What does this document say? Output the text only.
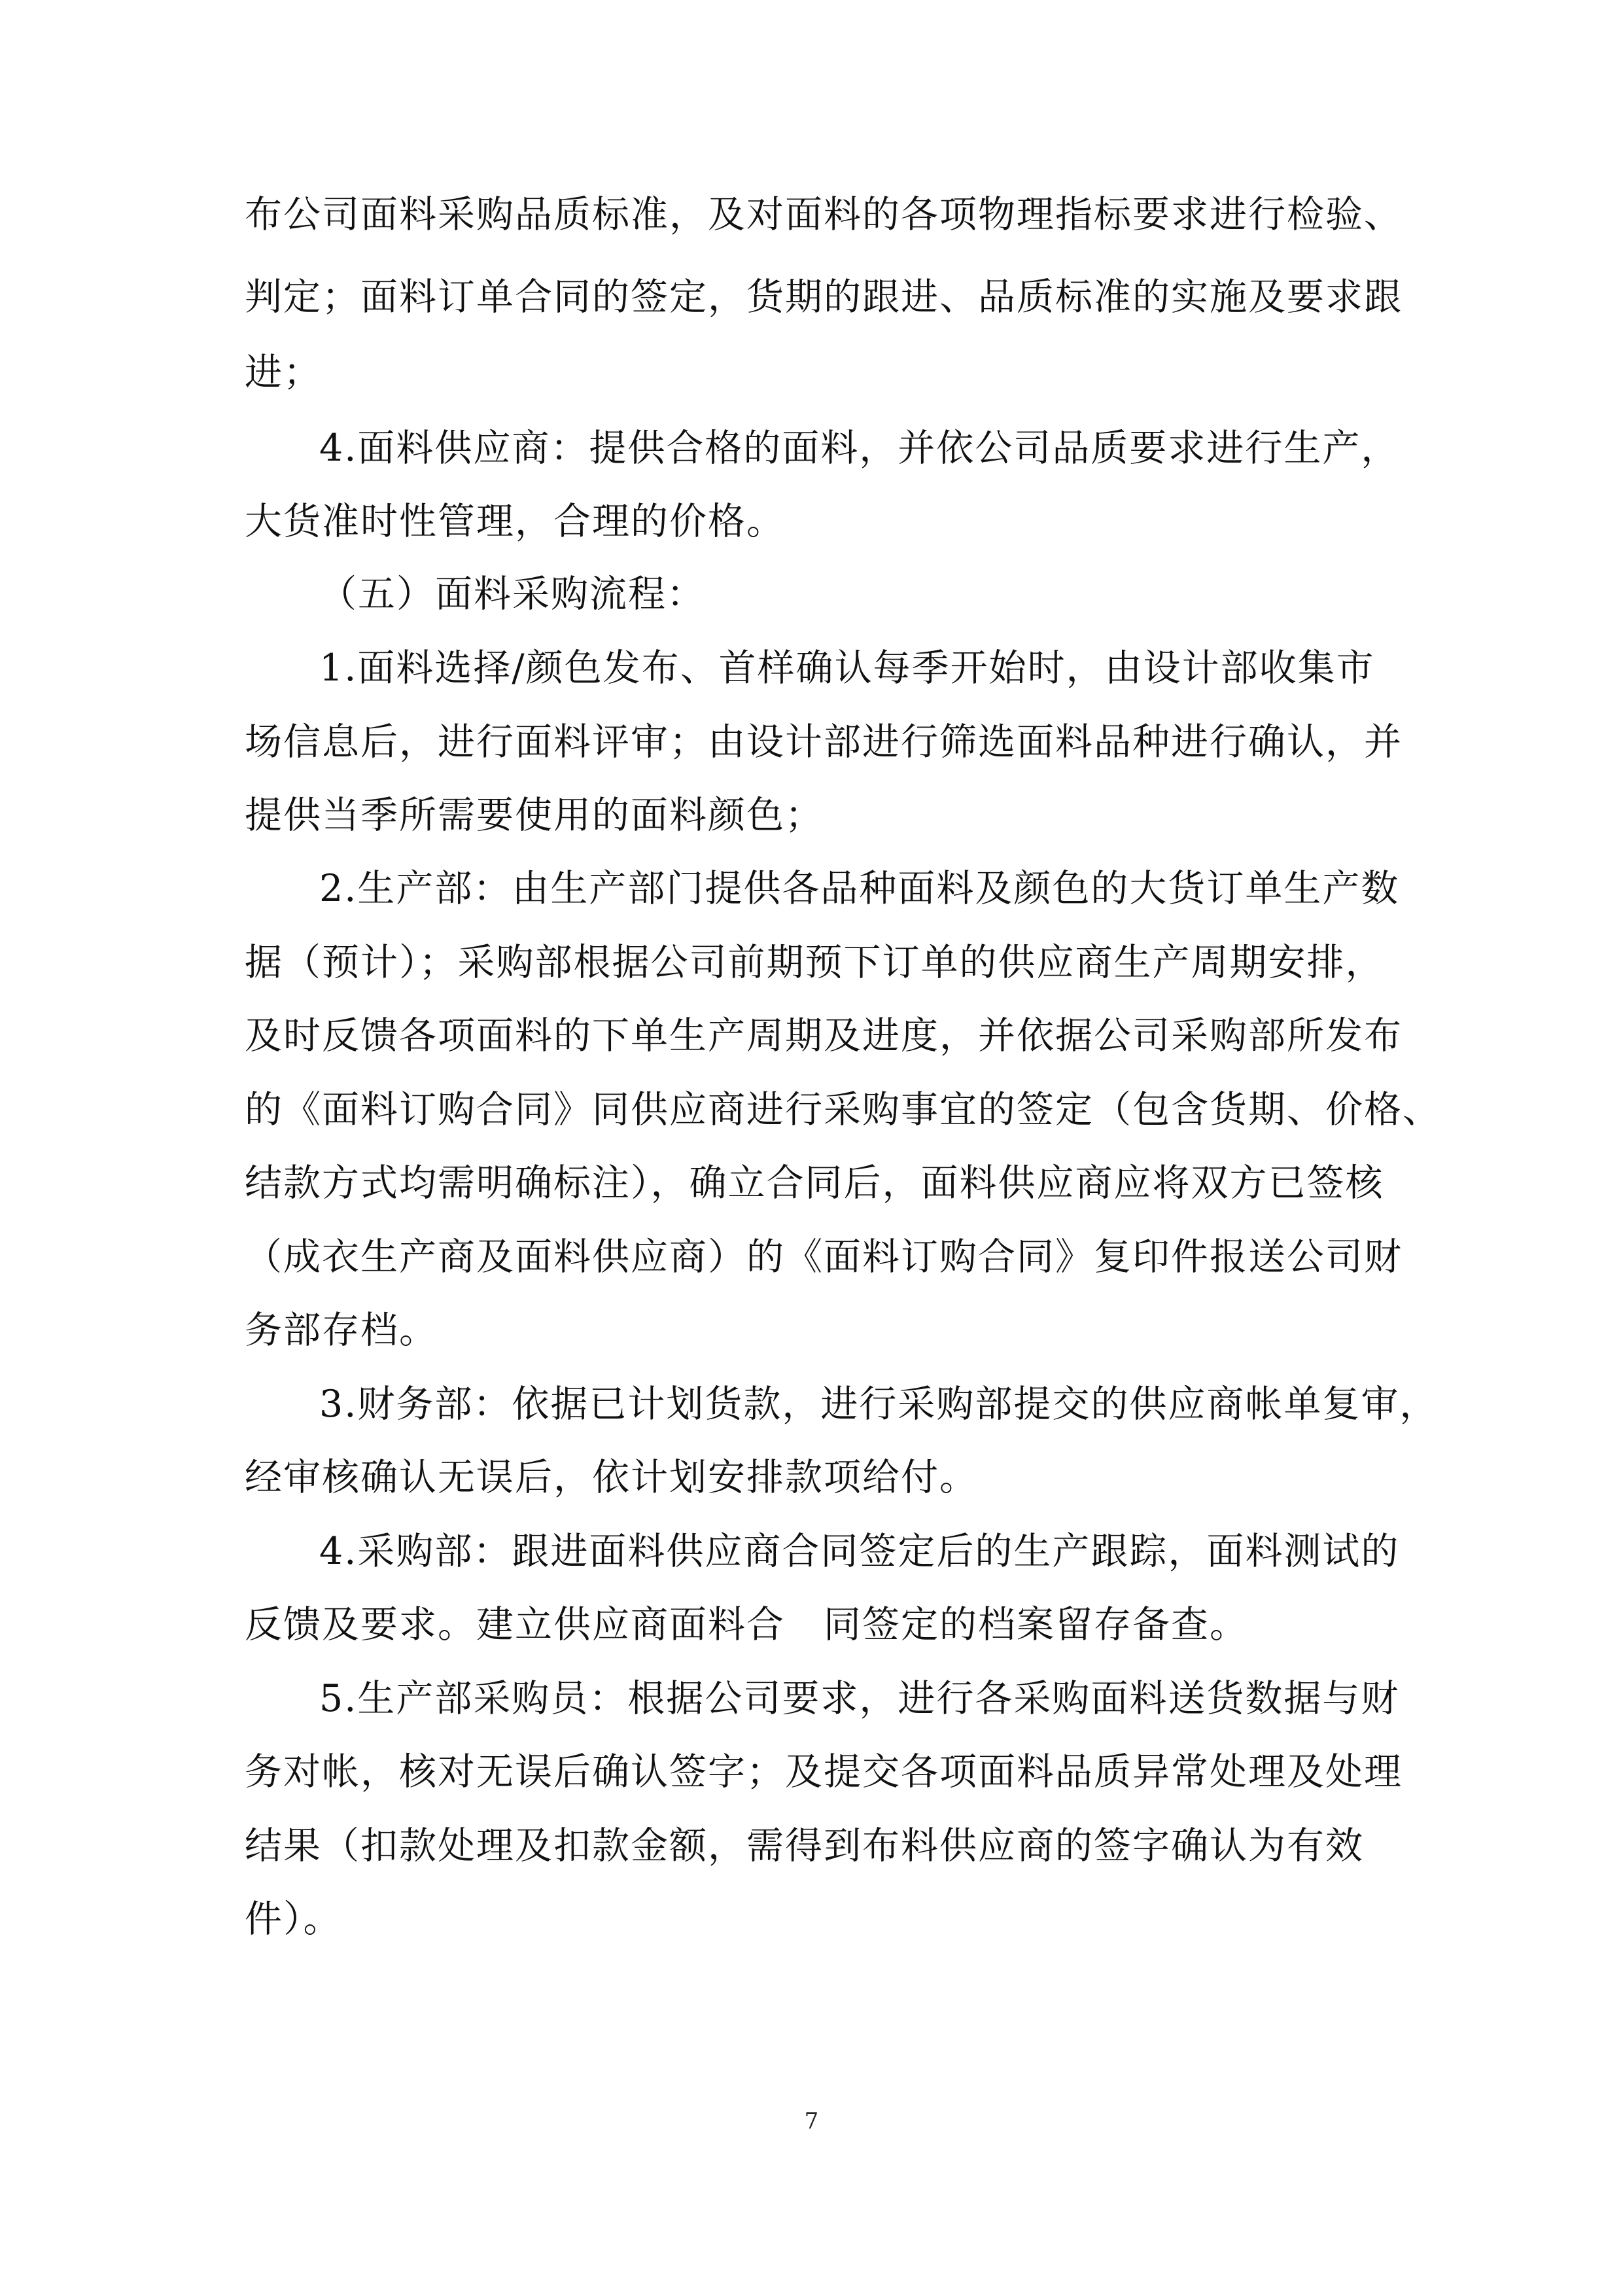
布公司面料采购品质标准，及对面料的各项物理指标要求进行检验、
判定；面料订单合同的签定，货期的跟进、品质标准的实施及要求跟
进；
4.面料供应商：提供合格的面料，并依公司品质要求进行生产，
大货准时性管理，合理的价格。
（五）面料采购流程：
1.面料选择/颜色发布、首样确认每季开始时，由设计部收集市
场信息后，进行面料评审；由设计部进行筛选面料品种进行确认，并
提供当季所需要使用的面料颜色；
2.生产部：由生产部门提供各品种面料及颜色的大货订单生产数
据（预计）；采购部根据公司前期预下订单的供应商生产周期安排，
及时反馈各项面料的下单生产周期及进度，并依据公司采购部所发布
的《面料订购合同》同供应商进行采购事宜的签定（包含货期、价格、
结款方式均需明确标注），确立合同后，面料供应商应将双方已签核
（成衣生产商及面料供应商）的《面料订购合同》复印件报送公司财
务部存档。
3.财务部：依据已计划货款，进行采购部提交的供应商帐单复审，
经审核确认无误后，依计划安排款项给付。
4.采购部：跟进面料供应商合同签定后的生产跟踪，面料测试的
反馈及要求。建立供应商面料合　同签定的档案留存备查。
5.生产部采购员：根据公司要求，进行各采购面料送货数据与财
务对帐，核对无误后确认签字；及提交各项面料品质异常处理及处理
结果（扣款处理及扣款金额，需得到布料供应商的签字确认为有效
件）。
7
